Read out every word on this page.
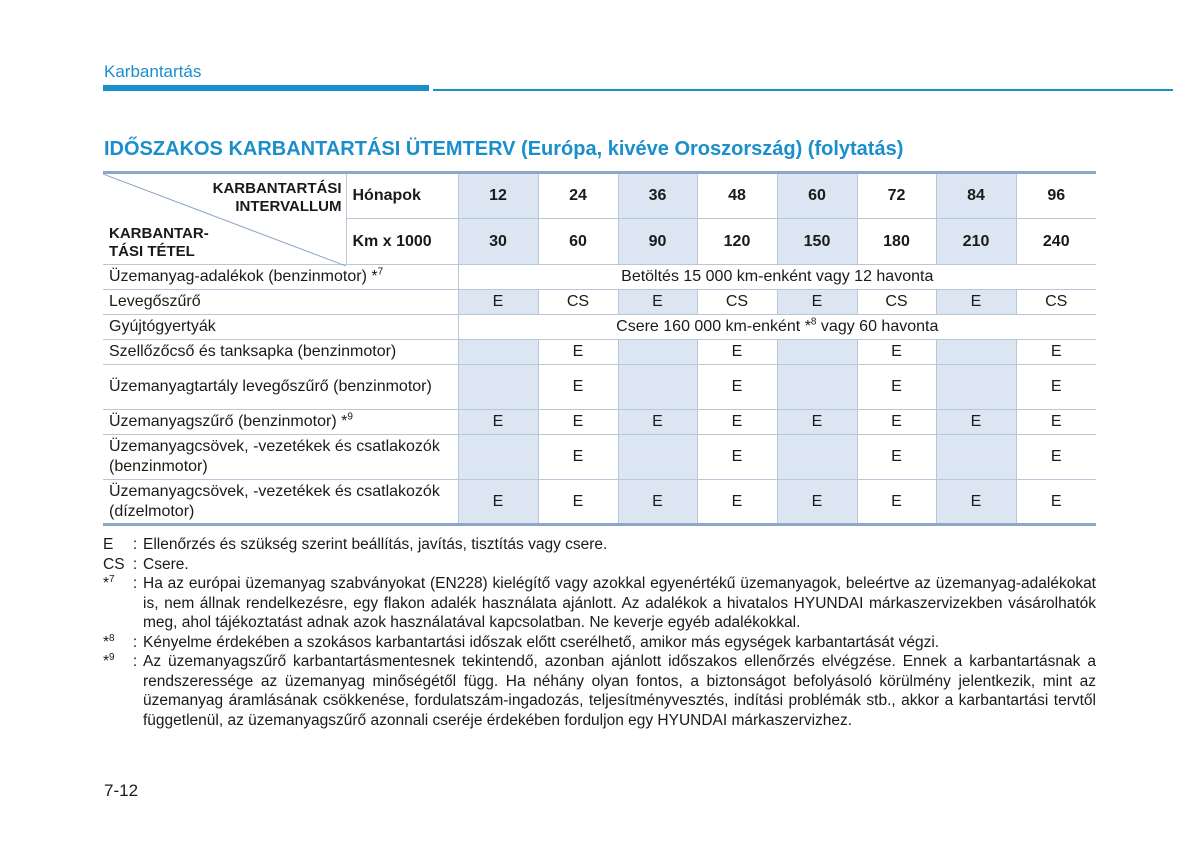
Karbantartás
IDŐSZAKOS KARBANTARTÁSI ÜTEMTERV (Európa, kivéve Oroszország) (folytatás)
KARBANTARTÁSI
INTERVALLUM
KARBANTAR-
TÁSI TÉTEL	Hónapok	12	24	36	48	60	72	84	96
	Km x 1000	30	60	90	120	150	180	210	240
Üzemanyag-adalékok (benzinmotor) *$^7$		Betöltés 15 000 km-enként vagy 12 havonta							
Levegőszűrő		E	CS	E	CS	E	CS	E	CS
Gyújtógyertyák		Csere 160 000 km-enként *$^8$ vagy 60 havonta							
Szellőzőcső és tanksapka (benzinmotor)			E		E		E		E
Üzemanyagtartály levegőszűrő (benzinmotor)			E		E		E		E
Üzemanyagszűrő (benzinmotor) *$^9$		E	E	E	E	E	E	E	E
Üzemanyagcsövek, -vezetékek és csatlakozók (benzinmotor)			E		E		E		E
Üzemanyagcsövek, -vezetékek és csatlakozók (dízelmotor)		E	E	E	E	E	E	E	E
E	: Ellenőrzés és szükség szerint beállítás, javítás, tisztítás vagy csere.
CS : Csere.
*$^7$	: Ha az európai üzemanyag szabványokat (EN228) kielégítő vagy azokkal egyenértékű üzemanyagok, beleértve az üzemanyag-adalékokat is, nem állnak rendelkezésre, egy flakon adalék használata ajánlott. Az adalékok a hivatalos HYUNDAI márkaszervizekben vásárolhatók meg, ahol tájékoztatást adnak azok használatával kapcsolatban. Ne keverje egyéb adalékokkal.
*$^8$	: Kényelme érdekében a szokásos karbantartási időszak előtt cserélhető, amikor más egységek karbantartását végzi.
*$^9$	: Az üzemanyagszűrő karbantartásmentesnek tekintendő, azonban ajánlott időszakos ellenőrzés elvégzése. Ennek a karbantartásnak a rendszeressége az üzemanyag minőségétől függ. Ha néhány olyan fontos, a biztonságot befolyásoló körülmény jelentkezik, mint az üzemanyag áramlásának csökkenése, fordulatszám-ingadozás, teljesítményvesztés, indítási problémák stb., akkor a karbantartási tervtől függetlenül, az üzemanyagszűrő azonnali cseréje érdekében forduljon egy HYUNDAI márkaszervizhez.
7-12
